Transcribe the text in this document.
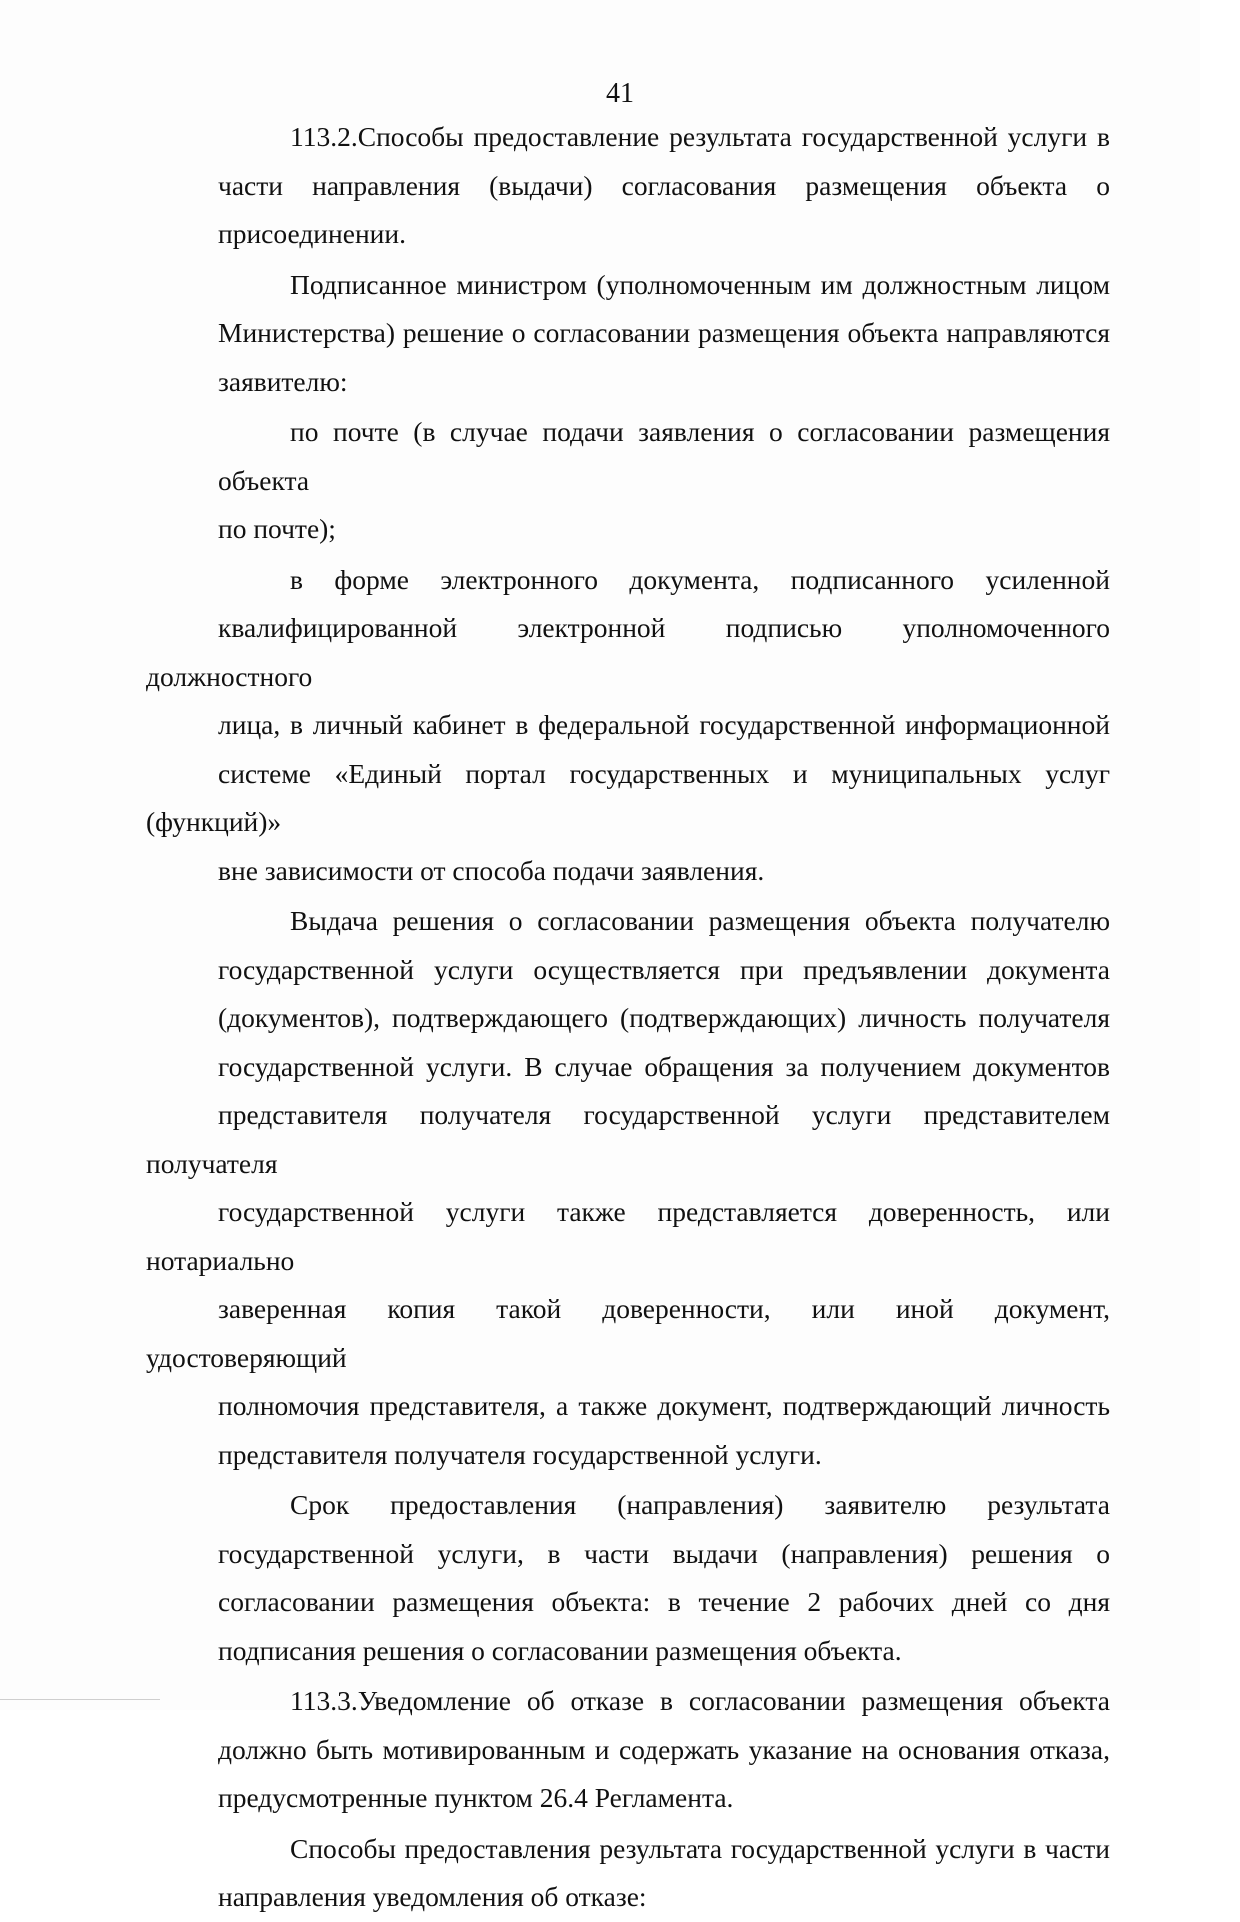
41

113.2.Способы предоставление результата государственной услуги в
части направления (выдачи) согласования размещения объекта о
присоединении.

Подписанное министром (уполномоченным им должностным лицом
Министерства) решение о согласовании размещения объекта направляются
заявителю:

по почте (в случае подачи заявления о согласовании размещения объекта
по почте);

в форме электронного документа, подписанного усиленной
квалифицированной электронной подписью уполномоченного должностного
лица, в личный кабинет в федеральной государственной информационной
системе «Единый портал государственных и муниципальных услуг (функций)»
вне зависимости от способа подачи заявления.

Выдача решения о согласовании размещения объекта получателю
государственной услуги осуществляется при предъявлении документа
(документов), подтверждающего (подтверждающих) личность получателя
государственной услуги. В случае обращения за получением документов
представителя получателя государственной услуги представителем получателя
государственной услуги также представляется доверенность, или нотариально
заверенная копия такой доверенности, или иной документ, удостоверяющий
полномочия представителя, а также документ, подтверждающий личность
представителя получателя государственной услуги.

Срок предоставления (направления) заявителю результата
государственной услуги, в части выдачи (направления) решения о
согласовании размещения объекта: в течение 2 рабочих дней со дня
подписания решения о согласовании размещения объекта.

113.3.Уведомление об отказе в согласовании размещения объекта
должно быть мотивированным и содержать указание на основания отказа,
предусмотренные пунктом 26.4 Регламента.

Способы предоставления результата государственной услуги в части
направления уведомления об отказе:
